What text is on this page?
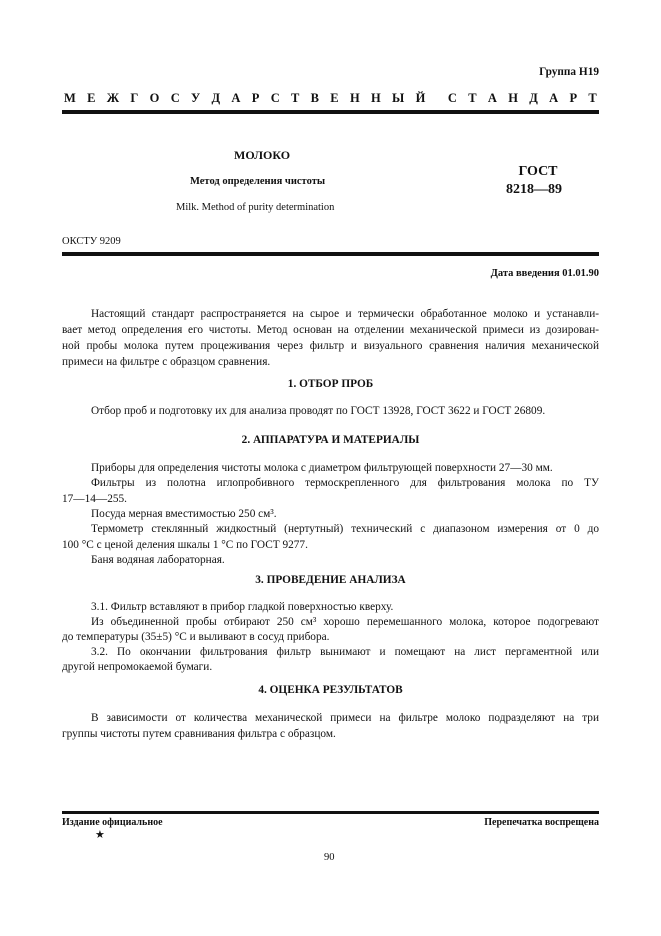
Группа Н19
М Е Ж Г О С У Д А Р С Т В Е Н Н Ы Й С Т А Н Д А Р Т
МОЛОКО
Метод определения чистоты
Milk. Method of purity determination
ГОСТ
8218—89
ОКСТУ 9209
Дата введения 01.01.90
Настоящий стандарт распространяется на сырое и термически обработанное молоко и устанавли-
вает метод определения его чистоты. Метод основан на отделении механической примеси из дозирован-
ной пробы молока путем процеживания через фильтр и визуального сравнения наличия механической
примеси на фильтре с образцом сравнения.
1. ОТБОР ПРОБ
Отбор проб и подготовку их для анализа проводят по ГОСТ 13928, ГОСТ 3622 и ГОСТ 26809.
2. АППАРАТУРА И МАТЕРИАЛЫ
Приборы для определения чистоты молока с диаметром фильтрующей поверхности 27—30 мм.
Фильтры из полотна иглопробивного термоскрепленного для фильтрования молока по ТУ
17—14—255.
Посуда мерная вместимостью 250 см³.
Термометр стеклянный жидкостный (нертутный) технический с диапазоном измерения от 0 до
100 °С с ценой деления шкалы 1 °С по ГОСТ 9277.
Баня водяная лабораторная.
3. ПРОВЕДЕНИЕ АНАЛИЗА
3.1. Фильтр вставляют в прибор гладкой поверхностью кверху.
Из объединенной пробы отбирают 250 см³ хорошо перемешанного молока, которое подогревают
до температуры (35±5) °С и выливают в сосуд прибора.
3.2. По окончании фильтрования фильтр вынимают и помещают на лист пергаментной или
другой непромокаемой бумаги.
4. ОЦЕНКА РЕЗУЛЬТАТОВ
В зависимости от количества механической примеси на фильтре молоко подразделяют на три
группы чистоты путем сравнивания фильтра с образцом.
Издание официальное
★
Перепечатка воспрещена
90
